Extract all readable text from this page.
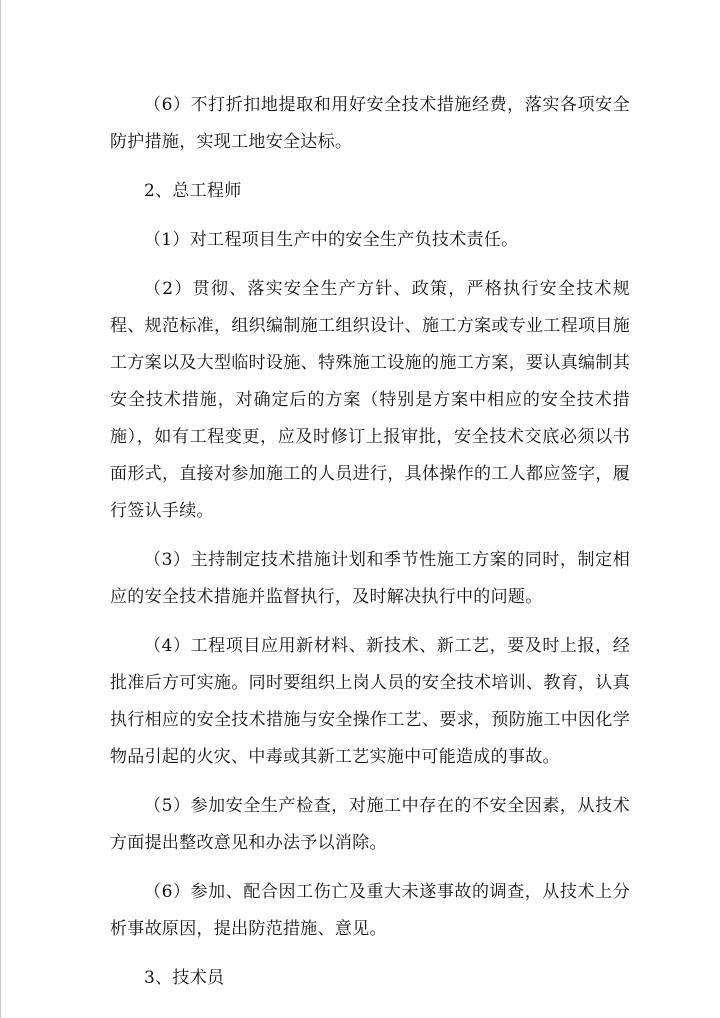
（6）不打折扣地提取和用好安全技术措施经费，落实各项安全防护措施，实现工地安全达标。

2、总工程师

（1）对工程项目生产中的安全生产负技术责任。

（2）贯彻、落实安全生产方针、政策，严格执行安全技术规程、规范标准，组织编制施工组织设计、施工方案或专业工程项目施工方案以及大型临时设施、特殊施工设施的施工方案，要认真编制其安全技术措施，对确定后的方案（特别是方案中相应的安全技术措施），如有工程变更，应及时修订上报审批，安全技术交底必须以书面形式，直接对参加施工的人员进行，具体操作的工人都应签字，履行签认手续。

（3）主持制定技术措施计划和季节性施工方案的同时，制定相应的安全技术措施并监督执行，及时解决执行中的问题。

（4）工程项目应用新材料、新技术、新工艺，要及时上报，经批准后方可实施。同时要组织上岗人员的安全技术培训、教育，认真执行相应的安全技术措施与安全操作工艺、要求，预防施工中因化学物品引起的火灾、中毒或其新工艺实施中可能造成的事故。

（5）参加安全生产检查，对施工中存在的不安全因素，从技术方面提出整改意见和办法予以消除。

（6）参加、配合因工伤亡及重大未遂事故的调查，从技术上分析事故原因，提出防范措施、意见。

3、技术员
